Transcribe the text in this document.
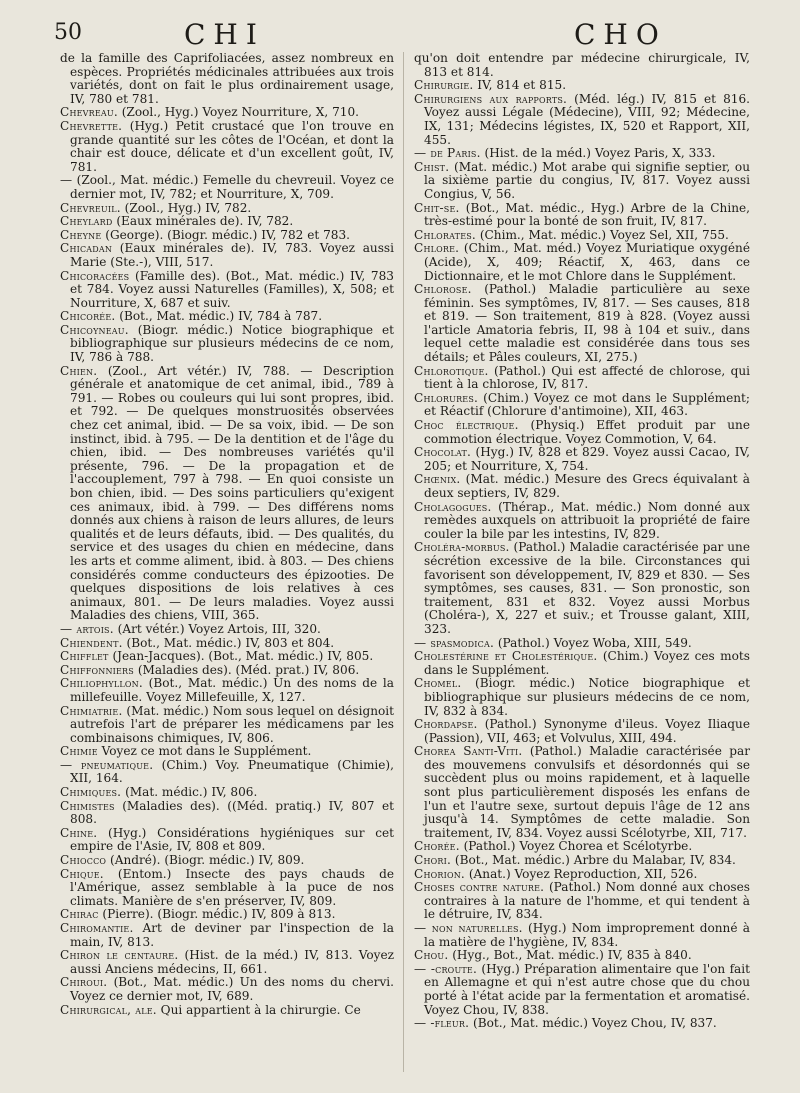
50	CHI	CHO

de la famille des Caprifoliacées, assez nombreux en espèces. Propriétés médicinales attribuées aux trois variétés, dont on fait le plus ordinairement usage, IV, 780 et 781.

Chevreau. (Zool., Hyg.) Voyez Nourriture, X, 710.

Chevrette. (Hyg.) Petit crustacé que l'on trouve en grande quantité sur les côtes de l'Océan, et dont la chair est douce, délicate et d'un excellent goût, IV, 781.

— (Zool., Mat. médic.) Femelle du chevreuil. Voyez ce dernier mot, IV, 782; et Nourriture, X, 709.

Chevreuil. (Zool., Hyg.) IV, 782.

Cheylard (Eaux minérales de). IV, 782.

Cheyne (George). (Biogr. médic.) IV, 782 et 783.

Chicadan (Eaux minérales de). IV, 783. Voyez aussi Marie (Ste.-), VIII, 517.

Chicoracées (Famille des). (Bot., Mat. médic.) IV, 783 et 784. Voyez aussi Naturelles (Familles), X, 508; et Nourriture, X, 687 et suiv.

Chicorée. (Bot., Mat. médic.) IV, 784 à 787.

Chicoyneau. (Biogr. médic.) Notice biographique et bibliographique sur plusieurs médecins de ce nom, IV, 786 à 788.

Chien. (Zool., Art vétér.) IV, 788. — Description générale et anatomique de cet animal, ibid., 789 à 791. — Robes ou couleurs qui lui sont propres, ibid. et 792. — De quelques monstruosités observées chez cet animal, ibid. — De sa voix, ibid. — De son instinct, ibid. à 795. — De la dentition et de l'âge du chien, ibid. — Des nombreuses variétés qu'il présente, 796. — De la propagation et de l'accouplement, 797 à 798. — En quoi consiste un bon chien, ibid. — Des soins particuliers qu'exigent ces animaux, ibid. à 799. — Des différens noms donnés aux chiens à raison de leurs allures, de leurs qualités et de leurs défauts, ibid. — Des qualités, du service et des usages du chien en médecine, dans les arts et comme aliment, ibid. à 803. — Des chiens considérés comme conducteurs des épizooties. De quelques dispositions de lois relatives à ces animaux, 801. — De leurs maladies. Voyez aussi Maladies des chiens, VIII, 365.

— artois. (Art vétér.) Voyez Artois, III, 320.

Chiendent. (Bot., Mat. médic.) IV, 803 et 804.

Chifflet (Jean-Jacques). (Bot., Mat. médic.) IV, 805.

Chiffonniers (Maladies des). (Méd. prat.) IV, 806.

Chiliophyllon. (Bot., Mat. médic.) Un des noms de la millefeuille. Voyez Millefeuille, X, 127.

Chimiatrie. (Mat. médic.) Nom sous lequel on désignoit autrefois l'art de préparer les médicamens par les combinaisons chimiques, IV, 806.

Chimie Voyez ce mot dans le Supplément.

— pneumatique. (Chim.) Voy. Pneumatique (Chimie), XII, 164.

Chimiques. (Mat. médic.) IV, 806.

Chimistes (Maladies des). ((Méd. pratiq.) IV, 807 et 808.

Chine. (Hyg.) Considérations hygiéniques sur cet empire de l'Asie, IV, 808 et 809.

Chiocco (André). (Biogr. médic.) IV, 809.

Chique. (Entom.) Insecte des pays chauds de l'Amérique, assez semblable à la puce de nos climats. Manière de s'en préserver, IV, 809.

Chirac (Pierre). (Biogr. médic.) IV, 809 à 813.

Chiromantie. Art de deviner par l'inspection de la main, IV, 813.

Chiron le centaure. (Hist. de la méd.) IV, 813. Voyez aussi Anciens médecins, II, 661.

Chiroui. (Bot., Mat. médic.) Un des noms du chervi. Voyez ce dernier mot, IV, 689.

Chirurgical, ale. Qui appartient à la chirurgie. Ce

qu'on doit entendre par médecine chirurgicale, IV, 813 et 814.

Chirurgie. IV, 814 et 815.

Chirurgiens aux rapports. (Méd. lég.) IV, 815 et 816. Voyez aussi Légale (Médecine), VIII, 92; Médecine, IX, 131; Médecins légistes, IX, 520 et Rapport, XII, 455.

— de Paris. (Hist. de la méd.) Voyez Paris, X, 333.

Chist. (Mat. médic.) Mot arabe qui signifie septier, ou la sixième partie du congius, IV, 817. Voyez aussi Congius, V, 56.

Chit-se. (Bot., Mat. médic., Hyg.) Arbre de la Chine, très-estimé pour la bonté de son fruit, IV, 817.

Chlorates. (Chim., Mat. médic.) Voyez Sel, XII, 755.

Chlore. (Chim., Mat. méd.) Voyez Muriatique oxygéné (Acide), X, 409; Réactif, X, 463, dans ce Dictionnaire, et le mot Chlore dans le Supplément.

Chlorose. (Pathol.) Maladie particulière au sexe féminin. Ses symptômes, IV, 817. — Ses causes, 818 et 819. — Son traitement, 819 à 828. (Voyez aussi l'article Amatoria febris, II, 98 à 104 et suiv., dans lequel cette maladie est considérée dans tous ses détails; et Pâles couleurs, XI, 275.)

Chlorotique. (Pathol.) Qui est affecté de chlorose, qui tient à la chlorose, IV, 817.

Chlorures. (Chim.) Voyez ce mot dans le Supplément; et Réactif (Chlorure d'antimoine), XII, 463.

Choc électrique. (Physiq.) Effet produit par une commotion électrique. Voyez Commotion, V, 64.

Chocolat. (Hyg.) IV, 828 et 829. Voyez aussi Cacao, IV, 205; et Nourriture, X, 754.

Chœnix. (Mat. médic.) Mesure des Grecs équivalant à deux septiers, IV, 829.

Cholagogues. (Thérap., Mat. médic.) Nom donné aux remèdes auxquels on attribuoit la propriété de faire couler la bile par les intestins, IV, 829.

Choléra-morbus. (Pathol.) Maladie caractérisée par une sécrétion excessive de la bile. Circonstances qui favorisent son développement, IV, 829 et 830. — Ses symptômes, ses causes, 831. — Son pronostic, son traitement, 831 et 832. Voyez aussi Morbus (Choléra-), X, 227 et suiv.; et Trousse galant, XIII, 323.

— spasmodica. (Pathol.) Voyez Woba, XIII, 549.

Cholestérine et Cholestérique. (Chim.) Voyez ces mots dans le Supplément.

Chomel. (Biogr. médic.) Notice biographique et bibliographique sur plusieurs médecins de ce nom, IV, 832 à 834.

Chordapse. (Pathol.) Synonyme d'ileus. Voyez Iliaque (Passion), VII, 463; et Volvulus, XIII, 494.

Chorea Santi-Viti. (Pathol.) Maladie caractérisée par des mouvemens convulsifs et désordonnés qui se succèdent plus ou moins rapidement, et à laquelle sont plus particulièrement disposés les enfans de l'un et l'autre sexe, surtout depuis l'âge de 12 ans jusqu'à 14. Symptômes de cette maladie. Son traitement, IV, 834. Voyez aussi Scélotyrbe, XII, 717.

Chorée. (Pathol.) Voyez Chorea et Scélotyrbe.

Chori. (Bot., Mat. médic.) Arbre du Malabar, IV, 834.

Chorion. (Anat.) Voyez Reproduction, XII, 526.

Choses contre nature. (Pathol.) Nom donné aux choses contraires à la nature de l'homme, et qui tendent à le détruire, IV, 834.

— non naturelles. (Hyg.) Nom improprement donné à la matière de l'hygiène, IV, 834.

Chou. (Hyg., Bot., Mat. médic.) IV, 835 à 840.

— -croute. (Hyg.) Préparation alimentaire que l'on fait en Allemagne et qui n'est autre chose que du chou porté à l'état acide par la fermentation et aromatisé. Voyez Chou, IV, 838.

— -fleur. (Bot., Mat. médic.) Voyez Chou, IV, 837.
